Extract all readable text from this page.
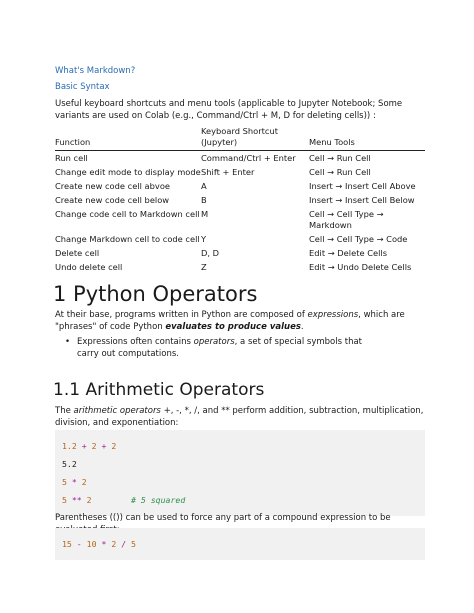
What's Markdown?
Basic Syntax

Useful keyboard shortcuts and menu tools (applicable to Jupyter Notebook; Some variants are used on Colab (e.g., Command/Ctrl + M, D for deleting cells)) :

Function	Keyboard Shortcut (Jupyter)	Menu Tools
Run cell	Command/Ctrl + Enter	Cell → Run Cell
Change edit mode to display mode	Shift + Enter	Cell → Run Cell
Create new code cell abvoe	A	Insert → Insert Cell Above
Create new code cell below	B	Insert → Insert Cell Below
Change code cell to Markdown cell	M	Cell → Cell Type → Markdown
Change Markdown cell to code cell	Y	Cell → Cell Type → Code
Delete cell	D, D	Edit → Delete Cells
Undo delete cell	Z	Edit → Undo Delete Cells
1 Python Operators

At their base, programs written in Python are composed of expressions, which are "phrases" of code Python evaluates to produce values.

• Expressions often contains operators, a set of special symbols that carry out computations.
1.1 Arithmetic Operators

The arithmetic operators +, -, *, /, and ** perform addition, subtraction, multiplication, division, and exponentiation:

1.2 + 2 + 2
5.2
5 * 2
5 ** 2	# 5 squared

Parentheses (()) can be used to force any part of a compound expression to be

15 - 10 * 2 / 5
